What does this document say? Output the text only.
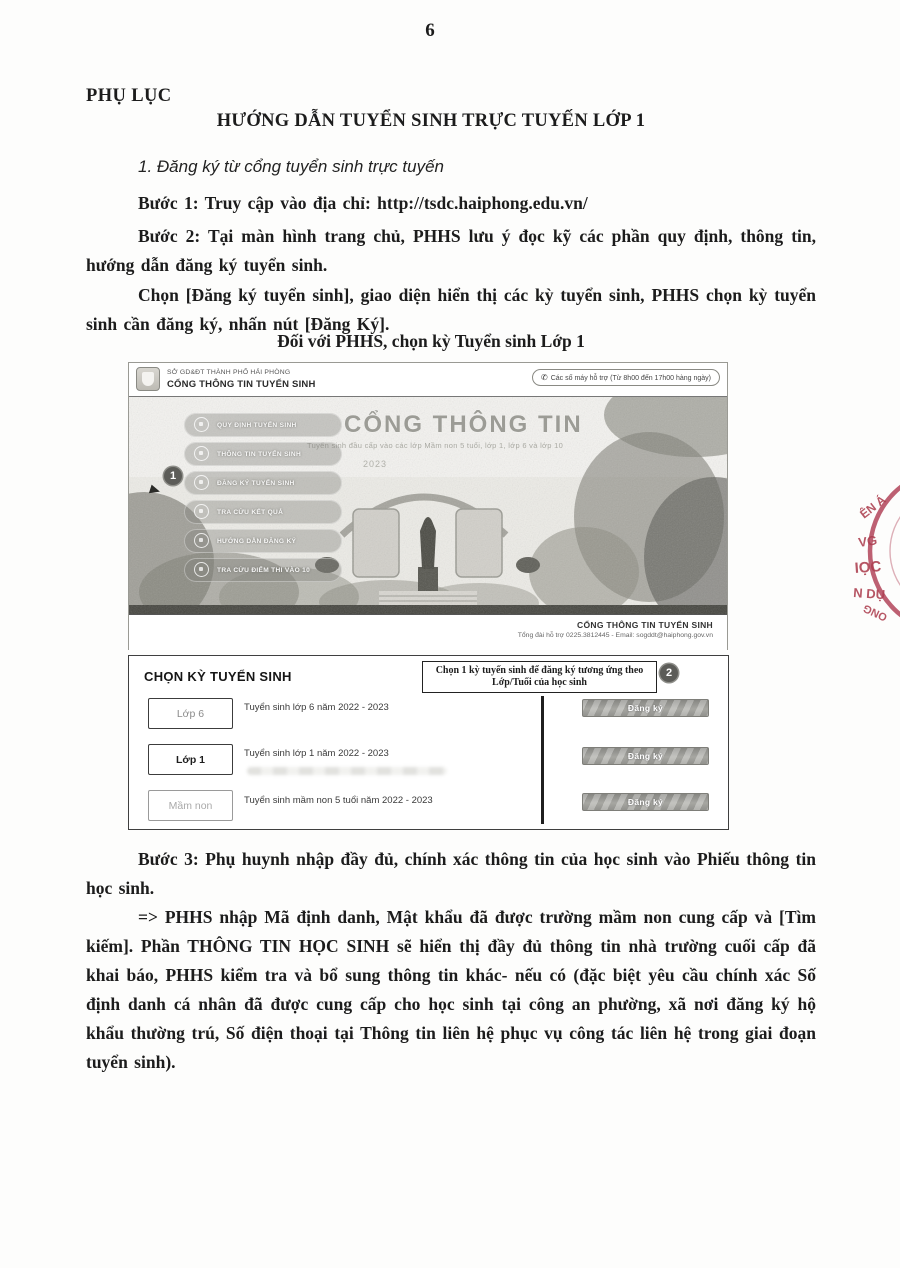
6
PHỤ LỤC
HƯỚNG DẪN TUYỂN SINH TRỰC TUYẾN LỚP 1
1. Đăng ký từ cổng tuyển sinh trực tuyến
Bước 1: Truy cập vào địa chỉ: http://tsdc.haiphong.edu.vn/
Bước 2: Tại màn hình trang chủ, PHHS lưu ý đọc kỹ các phần quy định, thông tin, hướng dẫn đăng ký tuyển sinh.
Chọn [Đăng ký tuyển sinh], giao diện hiển thị các kỳ tuyển sinh, PHHS chọn kỳ tuyển sinh cần đăng ký, nhấn nút [Đăng Ký].
Đối với PHHS, chọn kỳ Tuyển sinh Lớp 1
SỞ GD&ĐT THÀNH PHỐ HẢI PHÒNG
CỔNG THÔNG TIN TUYỂN SINH
✆ Các số máy hỗ trợ (Từ 8h00 đến 17h00 hàng ngày)
CỔNG THÔNG TIN
Tuyển sinh đầu cấp vào các lớp Mầm non 5 tuổi, lớp 1, lớp 6 và lớp 10
2023
QUY ĐỊNH TUYỂN SINH
THÔNG TIN TUYỂN SINH
ĐĂNG KÝ TUYỂN SINH
TRA CỨU KẾT QUẢ
HƯỚNG DẪN ĐĂNG KÝ
TRA CỨU ĐIỂM THI VÀO 10
CỔNG THÔNG TIN TUYỂN SINH
Tổng đài hỗ trợ 0225.3812445 - Email: sogddt@haiphong.gov.vn
1
CHỌN KỲ TUYỂN SINH	Chọn 1 kỳ tuyển sinh để đăng ký tương ứng theo Lớp/Tuổi của học sinh
Lớp 6	Tuyển sinh lớp 6 năm 2022 - 2023	Đăng ký
Lớp 1	Tuyển sinh lớp 1 năm 2022 - 2023	Đăng ký
Mầm non	Tuyển sinh mầm non 5 tuổi năm 2022 - 2023	Đăng ký
2
Bước 3: Phụ huynh nhập đầy đủ, chính xác thông tin của học sinh vào Phiếu thông tin học sinh.
=> PHHS nhập Mã định danh, Mật khẩu đã được trường mầm non cung cấp và [Tìm kiếm]. Phần THÔNG TIN HỌC SINH sẽ hiển thị đầy đủ thông tin nhà trường cuối cấp đã khai báo, PHHS kiểm tra và bổ sung thông tin khác- nếu có (đặc biệt yêu cầu chính xác Số định danh cá nhân đã được cung cấp cho học sinh tại công an phường, xã nơi đăng ký hộ khẩu thường trú, Số điện thoại tại Thông tin liên hệ phục vụ công tác liên hệ trong giai đoạn tuyển sinh).
ÊN Á
VG
IỌC
N DỤ
ONG
